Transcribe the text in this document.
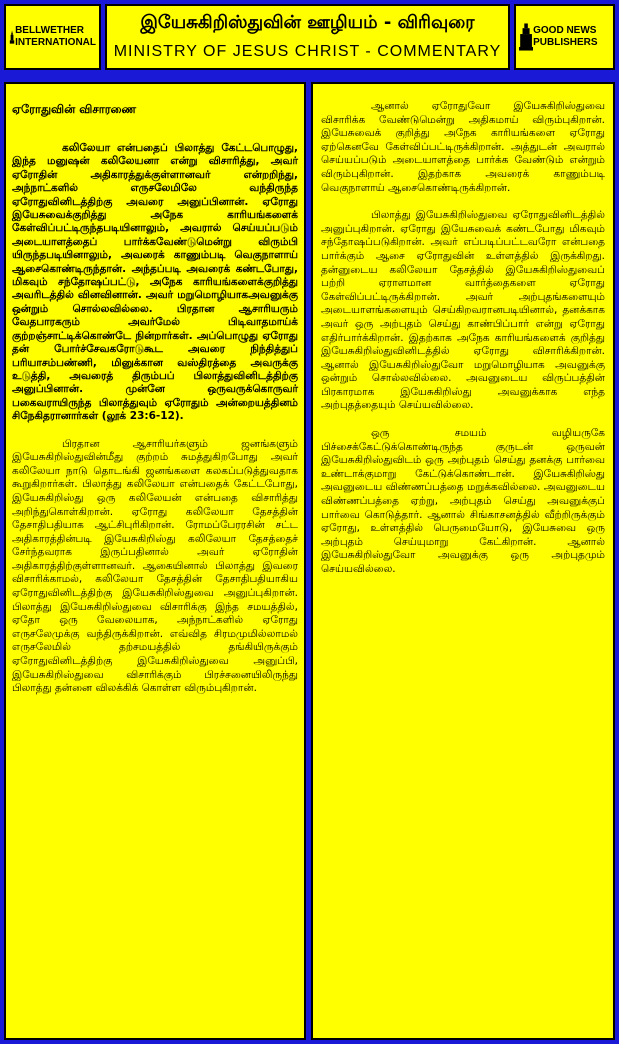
BELLWETHER INTERNATIONAL
இயேசுகிறிஸ்துவின் ஊழியம் - விரிவுரை
MINISTRY OF JESUS CHRIST - COMMENTARY
GOOD NEWS PUBLISHERS
ஏரோதுவின் விசாரணை

கலிலேயா என்பதைப் பிலாத்து கேட்டபொழுது, இந்த மனுஷன் கலிலேயனா என்று விசாரித்து, அவர் ஏரோதின் அதிகாரத்துக்குள்ளானவர் என்றறிந்து, அந்நாட்களில் எருசலேமிலே வந்திருந்த ஏரோதுவினிடத்திற்கு அவரை அனுப்பினான். ஏரோது இயேசுவைக்குறித்து அநேக காரியங்களைக் கேள்விப்பட்டிருந்தபடியினாலும், அவரால் செய்யப்படும் அடையாளத்தைப் பார்க்கவேண்டுமென்று விரும்பி யிருந்தபடியினாலும், அவரைக் காணும்படி வெகுநாளாய் ஆசைகொண்டிருந்தான். அந்தப்படி அவரைக் கண்டபோது, மிகவும் சந்தோஷப்பட்டு, அநேக காரியங்களைக்குறித்து அவரிடத்தில் வினவினான். அவர் மறுமொழியாகஅவனுக்கு ஒன்றும் சொல்லவில்லை. பிரதான ஆசாரியரும் வேதபாரகரும் அவர்மேல் பிடிவாதமாய்க் குற்றஞ்சாட்டிக்கொண்டே நின்றார்கள். அப்பொழுது ஏரோது தன் போர்ச்சேவகரோடுகூட அவரை நிந்தித்துப் பரியாசம்பண்ணி, மினுக்கான வஸ்திரத்தை அவருக்கு உடுத்தி, அவரைத் திரும்பப் பிலாத்துவினிடத்திற்கு அனுப்பினான். முன்னே ஒருவருக்கொருவர் பகைவராயிருந்த பிலாத்துவும் ஏரோதும் அன்றையத்தினம் சிநேகிதரானார்கள் (லூக் 23:6-12).

பிரதான ஆசாரியர்களும் ஜனங்களும் இயேசுகிறிஸ்துவின்மீது குற்றம் சுமத்துகிறபோது அவர் கலிலேயா நாடு தொடங்கி ஜனங்களை கலகப்படுத்துவதாக கூறுகிறார்கள். பிலாத்து கலிலேயா என்பதைக் கேட்டபோது, இயேசுகிறிஸ்து ஒரு கலிலேயன் என்பதை விசாரித்து அறிந்துகொள்கிறான். ஏரோது கலிலேயா தேசத்தின் தேசாதிபதியாக ஆட்சிபுரிகிறான். ரோமப்பேரரசின் சட்ட அதிகாரத்தின்படி இயேசுகிறிஸ்து கலிலேயா தேசத்தைச் சேர்ந்தவராக இருப்பதினால் அவர் ஏரோதின் அதிகாரத்திற்குள்ளானவர். ஆகையினால் பிலாத்து இவரை விசாரிக்காமல், கலிலேயா தேசத்தின் தேசாதிபதியாகிய ஏரோதுவினிடத்திற்கு இயேசுகிறிஸ்துவை அனுப்புகிறான். பிலாத்து இயேசுகிறிஸ்துவை விசாரிக்கு இந்த சமயத்தில், ஏதோ ஒரு வேலையாக, அந்நாட்களில் ஏரோது எருசலேமுக்கு வந்திருக்கிறான். எவ்வித சிரமமுமில்லாமல் எருசலேமில் தற்சமயத்தில் தங்கியிருக்கும் ஏரோதுவினிடத்திற்கு இயேசுகிறிஸ்துவை அனுப்பி, இயேசுகிறிஸ்துவை விசாரிக்கும் பிரச்சனையிலிருந்து பிலாத்து தன்னை விலக்கிக் கொள்ள விரும்புகிறான்.

ஆனால் ஏரோதுவோ இயேசுகிறிஸ்துவை விசாரிக்க வேண்டுமென்று அதிகமாய் விரும்புகிறான். இயேசுவைக் குறித்து அநேக காரியங்களை ஏரோது ஏற்கெனவே கேள்விப்பட்டிருக்கிறான். அத்துடன் அவரால் செய்யப்படும் அடையாளத்தை பார்க்க வேண்டும் என்றும் விரும்புகிறான். இதற்காக அவரைக் காணும்படி வெகுநாளாய் ஆசைகொண்டிருக்கிறான்.

பிலாத்து இயேசுகிறிஸ்துவை ஏரோதுவினிடத்தில் அனுப்புகிறான். ஏரோது இயேசுவைக் கண்டபோது மிகவும் சந்தோஷப்படுகிறான். அவர் எப்படிப்பட்டவரோ என்பதை பார்க்கும் ஆசை ஏரோதுவின் உள்ளத்தில் இருக்கிறது. தன்னுடைய கலிலேயா தேசத்தில் இயேசுகிறிஸ்துவைப் பற்றி ஏராளமான வார்த்தைகளை ஏரோது கேள்விப்பட்டிருக்கிறான். அவர் அற்புதங்களையும் அடையாளங்களையும் செய்கிறவரானபடியினால், தனக்காக அவர் ஒரு அற்புதம் செய்து காண்பிப்பார் என்று ஏரோது எதிர்பார்க்கிறான். இதற்காக அநேக காரியங்களைக் குறித்து இயேசுகிறிஸ்துவினிடத்தில் ஏரோது விசாரிக்கிறான். ஆனால் இயேசுகிறிஸ்துவோ மறுமொழியாக அவனுக்கு ஒன்றும் சொல்லவில்லை. அவனுடைய விருப்பத்தின் பிரகாரமாக இயேசுகிறிஸ்து அவனுக்காக எந்த அற்புதத்தையும் செய்யவில்லை.

ஒரு சமயம் வழியருகே பிச்சைக்கேட்டுக்கொண்டிருந்த குருடன் ஒருவன் இயேசுகிறிஸ்துவிடம் ஒரு அற்புதம் செய்து தனக்கு பார்வை உண்டாக்குமாறு கேட்டுக்கொண்டான். இயேசுகிறிஸ்து அவனுடைய விண்ணப்பத்தை மறுக்கவில்லை. அவனுடைய விண்ணப்பத்தை ஏற்று, அற்புதம் செய்து அவனுக்குப் பார்வை கொடுத்தார். ஆனால் சிங்காசனத்தில் வீற்றிருக்கும் ஏரோது, உள்ளத்தில் பெருமையோடு, இயேசுவை ஒரு அற்புதம் செய்யுமாறு கேட்கிறான். ஆனால் இயேசுகிறிஸ்துவோ அவனுக்கு ஒரு அற்புதமும் செய்யவில்லை.
